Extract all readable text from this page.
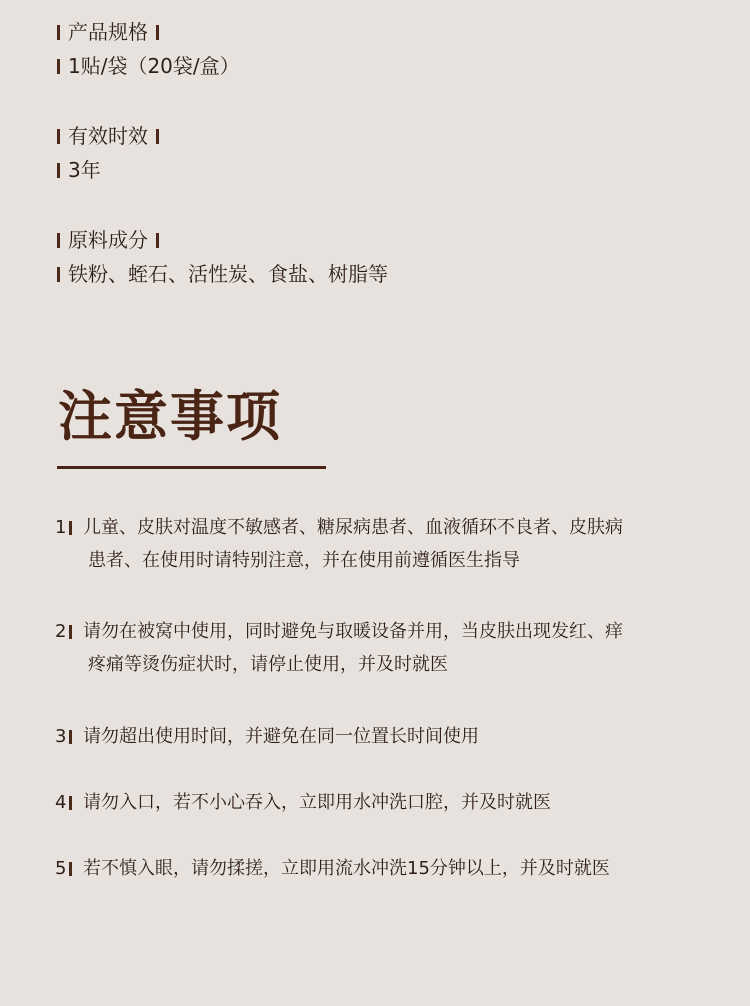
产品规格
1贴/袋（20袋/盒）
有效时效
3年
原料成分
铁粉、蛭石、活性炭、食盐、树脂等
注意事项
1 儿童、皮肤对温度不敏感者、糖尿病患者、血液循环不良者、皮肤病
患者、在使用时请特别注意，并在使用前遵循医生指导
2 请勿在被窝中使用，同时避免与取暖设备并用，当皮肤出现发红、痒
疼痛等烫伤症状时，请停止使用，并及时就医
3 请勿超出使用时间，并避免在同一位置长时间使用
4 请勿入口，若不小心吞入，立即用水冲洗口腔，并及时就医
5 若不慎入眼，请勿揉搓，立即用流水冲洗15分钟以上，并及时就医
